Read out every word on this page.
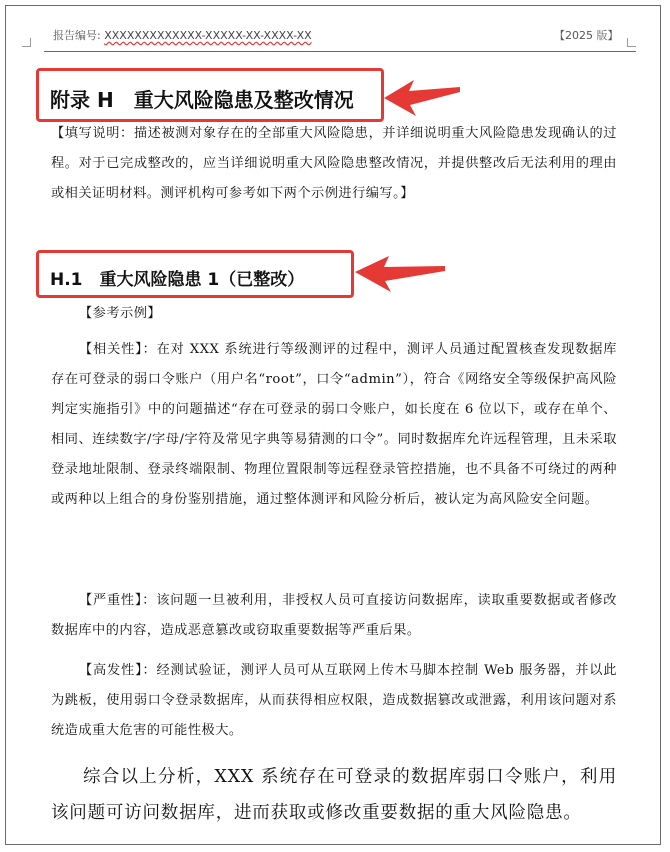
报告编号: XXXXXXXXXXXXX-XXXXX-XX-XXXX-XX	【2025 版】
附录 H　重大风险隐患及整改情况
【填写说明：描述被测对象存在的全部重大风险隐患，并详细说明重大风险隐患发现确认的过程。对于已完成整改的，应当详细说明重大风险隐患整改情况，并提供整改后无法利用的理由或相关证明材料。测评机构可参考如下两个示例进行编写。】
H.1　重大风险隐患 1（已整改）
【参考示例】
【相关性】：在对 XXX 系统进行等级测评的过程中，测评人员通过配置核查发现数据库存在可登录的弱口令账户（用户名“root”，口令“admin”），符合《网络安全等级保护高风险判定实施指引》中的问题描述“存在可登录的弱口令账户，如长度在 6 位以下，或存在单个、相同、连续数字/字母/字符及常见字典等易猜测的口令”。同时数据库允许远程管理，且未采取登录地址限制、登录终端限制、物理位置限制等远程登录管控措施，也不具备不可绕过的两种或两种以上组合的身份鉴别措施，通过整体测评和风险分析后，被认定为高风险安全问题。
【严重性】：该问题一旦被利用，非授权人员可直接访问数据库，读取重要数据或者修改数据库中的内容，造成恶意篡改或窃取重要数据等严重后果。
【高发性】：经测试验证，测评人员可从互联网上传木马脚本控制 Web 服务器，并以此为跳板，使用弱口令登录数据库，从而获得相应权限，造成数据篡改或泄露，利用该问题对系统造成重大危害的可能性极大。
综合以上分析，XXX 系统存在可登录的数据库弱口令账户，利用该问题可访问数据库，进而获取或修改重要数据的重大风险隐患。
